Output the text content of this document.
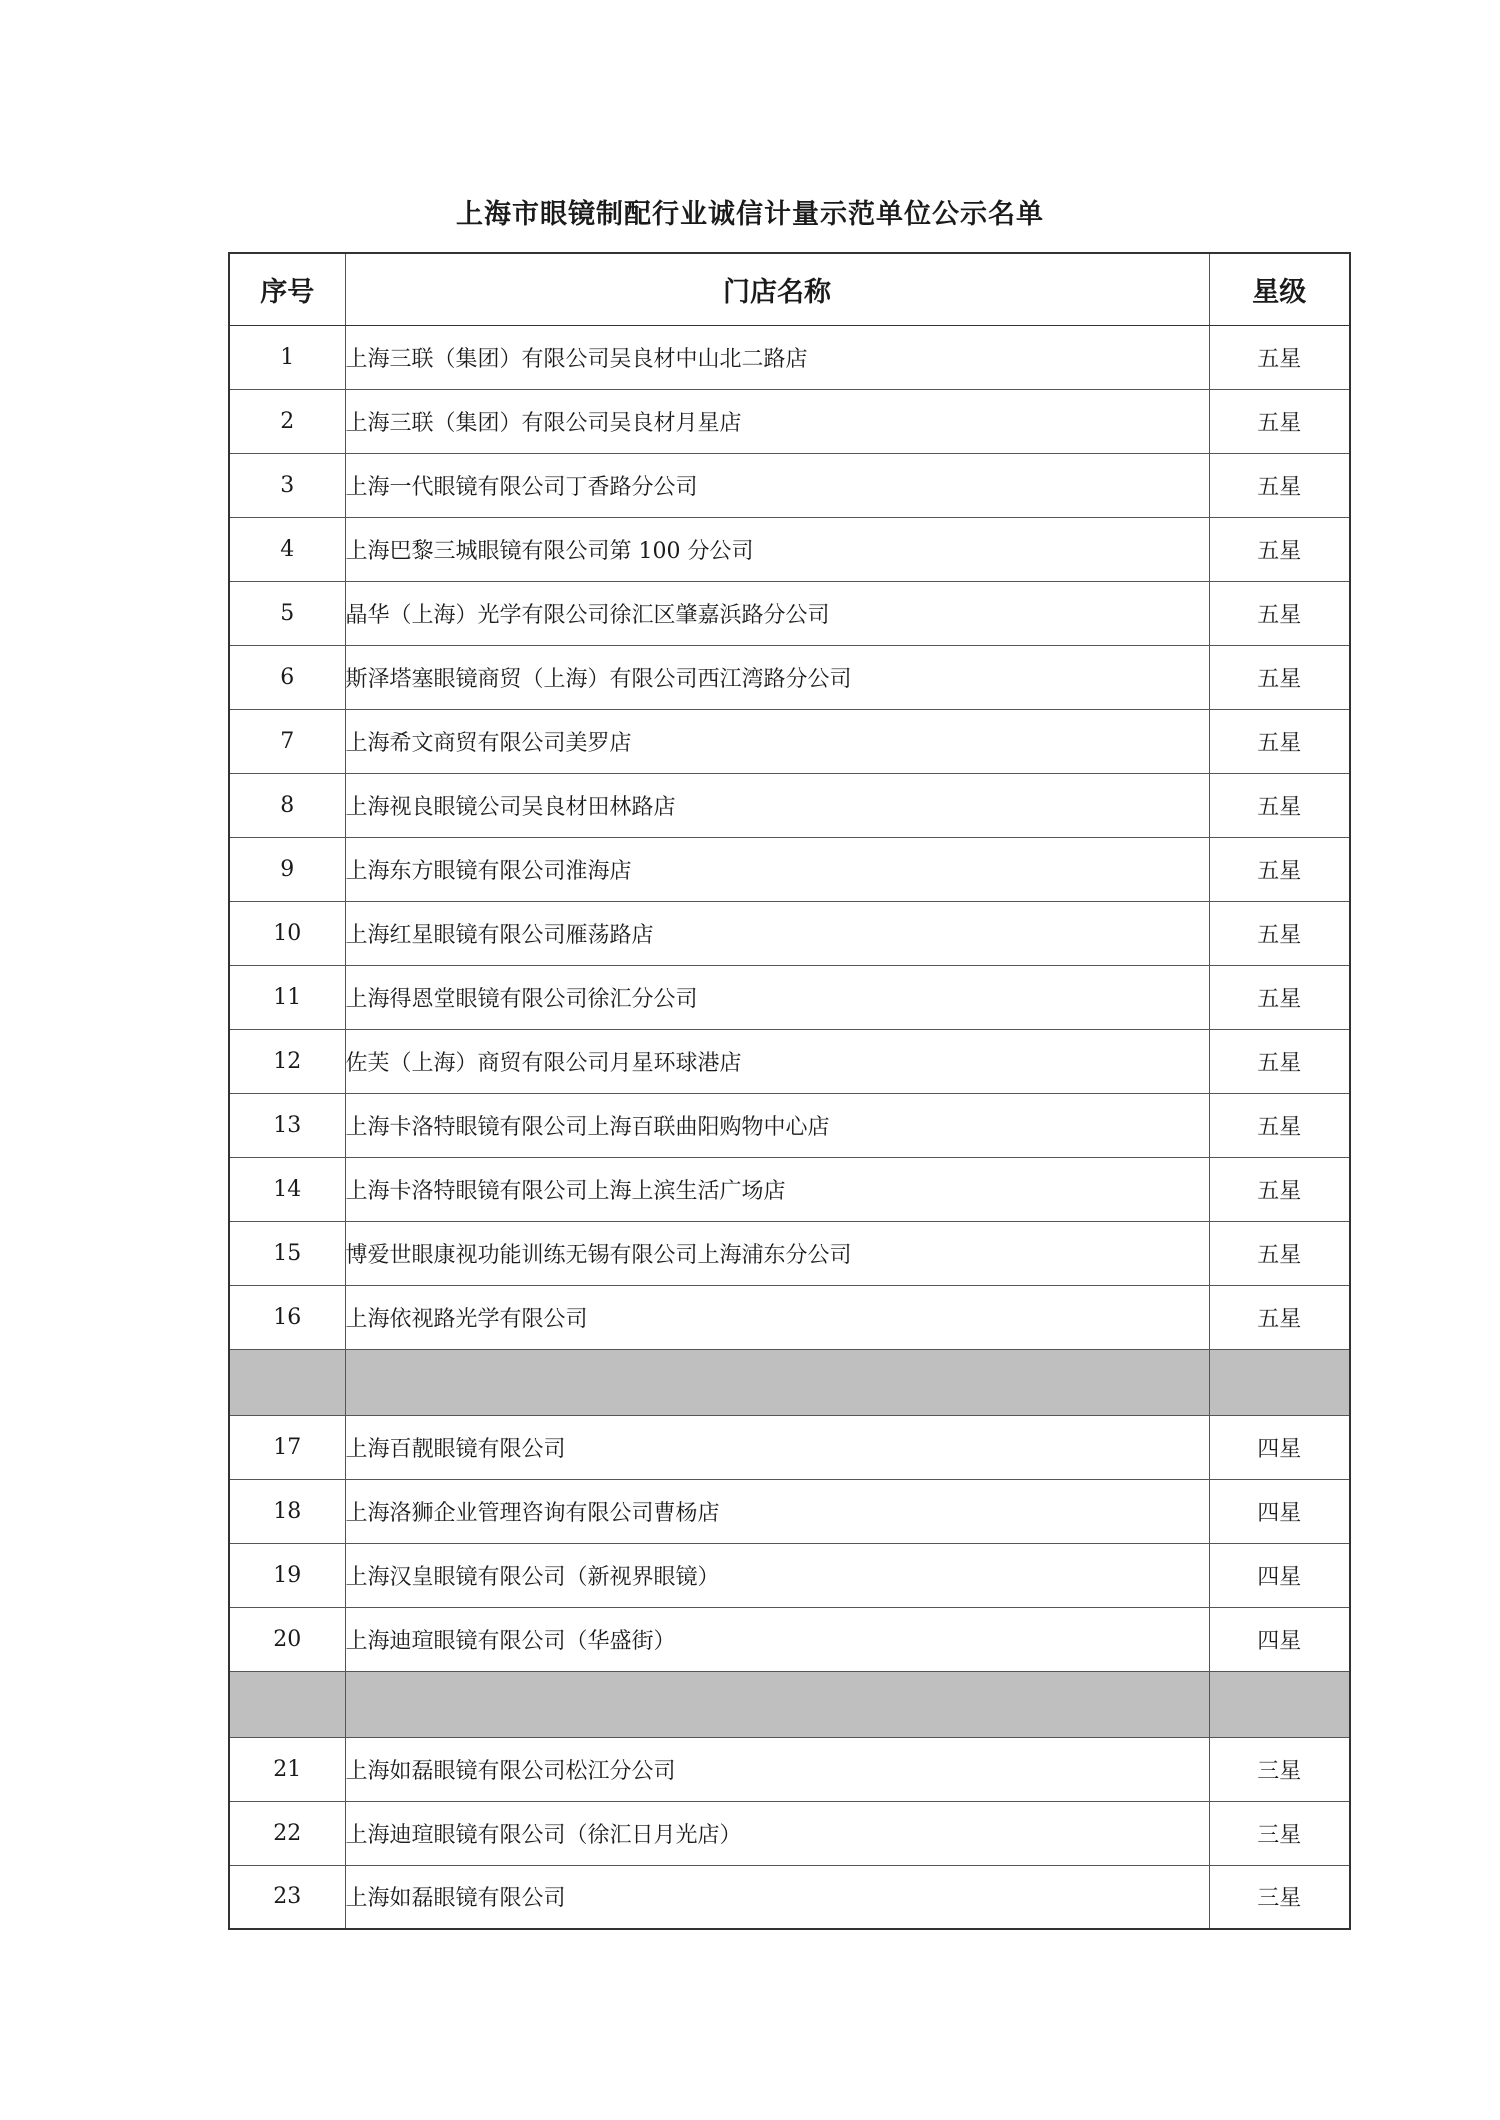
上海市眼镜制配行业诚信计量示范单位公示名单
序号	门店名称	星级
1	上海三联（集团）有限公司吴良材中山北二路店	五星
2	上海三联（集团）有限公司吴良材月星店	五星
3	上海一代眼镜有限公司丁香路分公司	五星
4	上海巴黎三城眼镜有限公司第 100 分公司	五星
5	晶华（上海）光学有限公司徐汇区肇嘉浜路分公司	五星
6	斯泽塔塞眼镜商贸（上海）有限公司西江湾路分公司	五星
7	上海希文商贸有限公司美罗店	五星
8	上海视良眼镜公司吴良材田林路店	五星
9	上海东方眼镜有限公司淮海店	五星
10	上海红星眼镜有限公司雁荡路店	五星
11	上海得恩堂眼镜有限公司徐汇分公司	五星
12	佐芙（上海）商贸有限公司月星环球港店	五星
13	上海卡洛特眼镜有限公司上海百联曲阳购物中心店	五星
14	上海卡洛特眼镜有限公司上海上滨生活广场店	五星
15	博爱世眼康视功能训练无锡有限公司上海浦东分公司	五星
16	上海依视路光学有限公司	五星

17	上海百靓眼镜有限公司	四星
18	上海洛狮企业管理咨询有限公司曹杨店	四星
19	上海汉皇眼镜有限公司（新视界眼镜）	四星
20	上海迪瑄眼镜有限公司（华盛街）	四星

21	上海如磊眼镜有限公司松江分公司	三星
22	上海迪瑄眼镜有限公司（徐汇日月光店）	三星
23	上海如磊眼镜有限公司	三星
